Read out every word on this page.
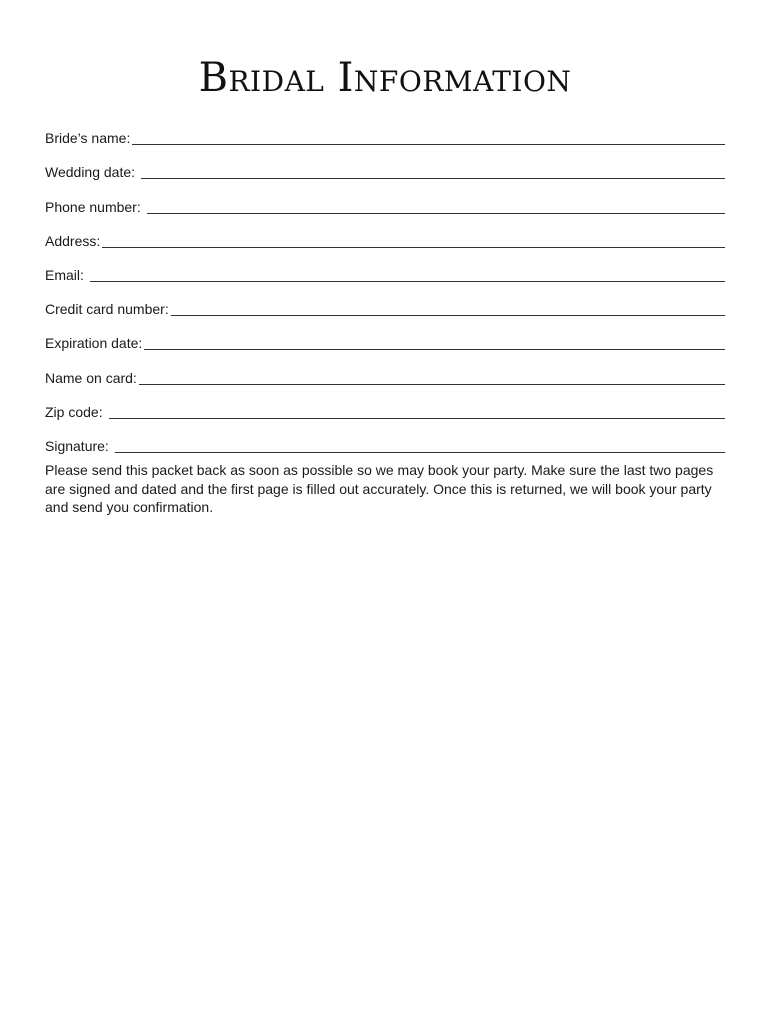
Bridal Information
Bride’s name:
Wedding date:
Phone number:
Address:
Email:
Credit card number:
Expiration date:
Name on card:
Zip code:
Signature:

Please send this packet back as soon as possible so we may book your party. Make sure the last two pages are signed and dated and the first page is filled out accurately. Once this is returned, we will book your party and send you confirmation.
